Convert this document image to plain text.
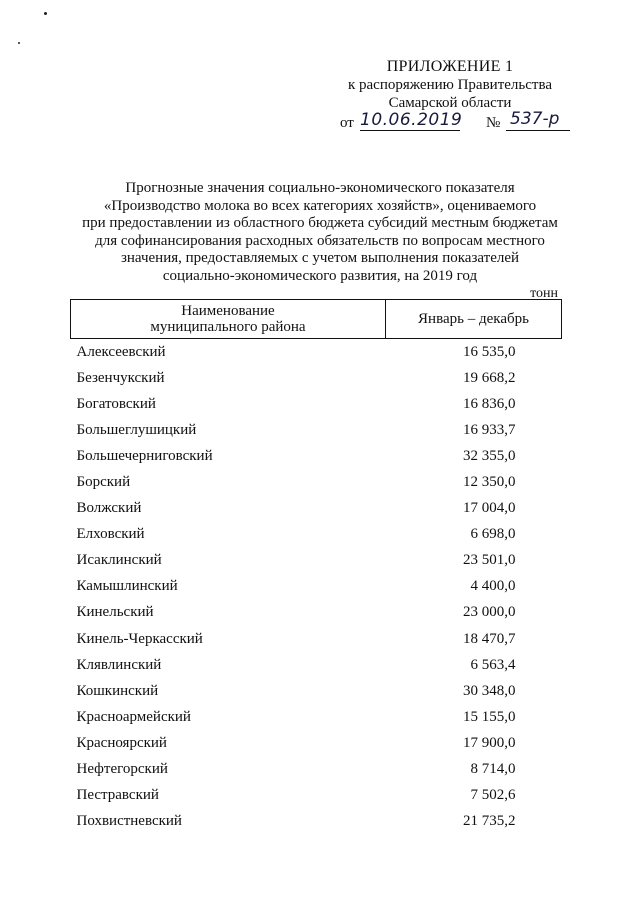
ПРИЛОЖЕНИЕ 1
к распоряжению Правительства
Самарской области
от 10.06.2019 № 537-р
Прогнозные значения социально-экономического показателя
«Производство молока во всех категориях хозяйств», оцениваемого
при предоставлении из областного бюджета субсидий местным бюджетам
для софинансирования расходных обязательств по вопросам местного
значения, предоставляемых с учетом выполнения показателей
социально-экономического развития, на 2019 год
тонн
Наименование
муниципального района	Январь – декабрь
Алексеевский	16 535,0
Безенчукский	19 668,2
Богатовский	16 836,0
Большеглушицкий	16 933,7
Большечерниговский	32 355,0
Борский	12 350,0
Волжский	17 004,0
Елховский	6 698,0
Исаклинский	23 501,0
Камышлинский	4 400,0
Кинельский	23 000,0
Кинель-Черкасский	18 470,7
Клявлинский	6 563,4
Кошкинский	30 348,0
Красноармейский	15 155,0
Красноярский	17 900,0
Нефтегорский	8 714,0
Пестравский	7 502,6
Похвистневский	21 735,2
